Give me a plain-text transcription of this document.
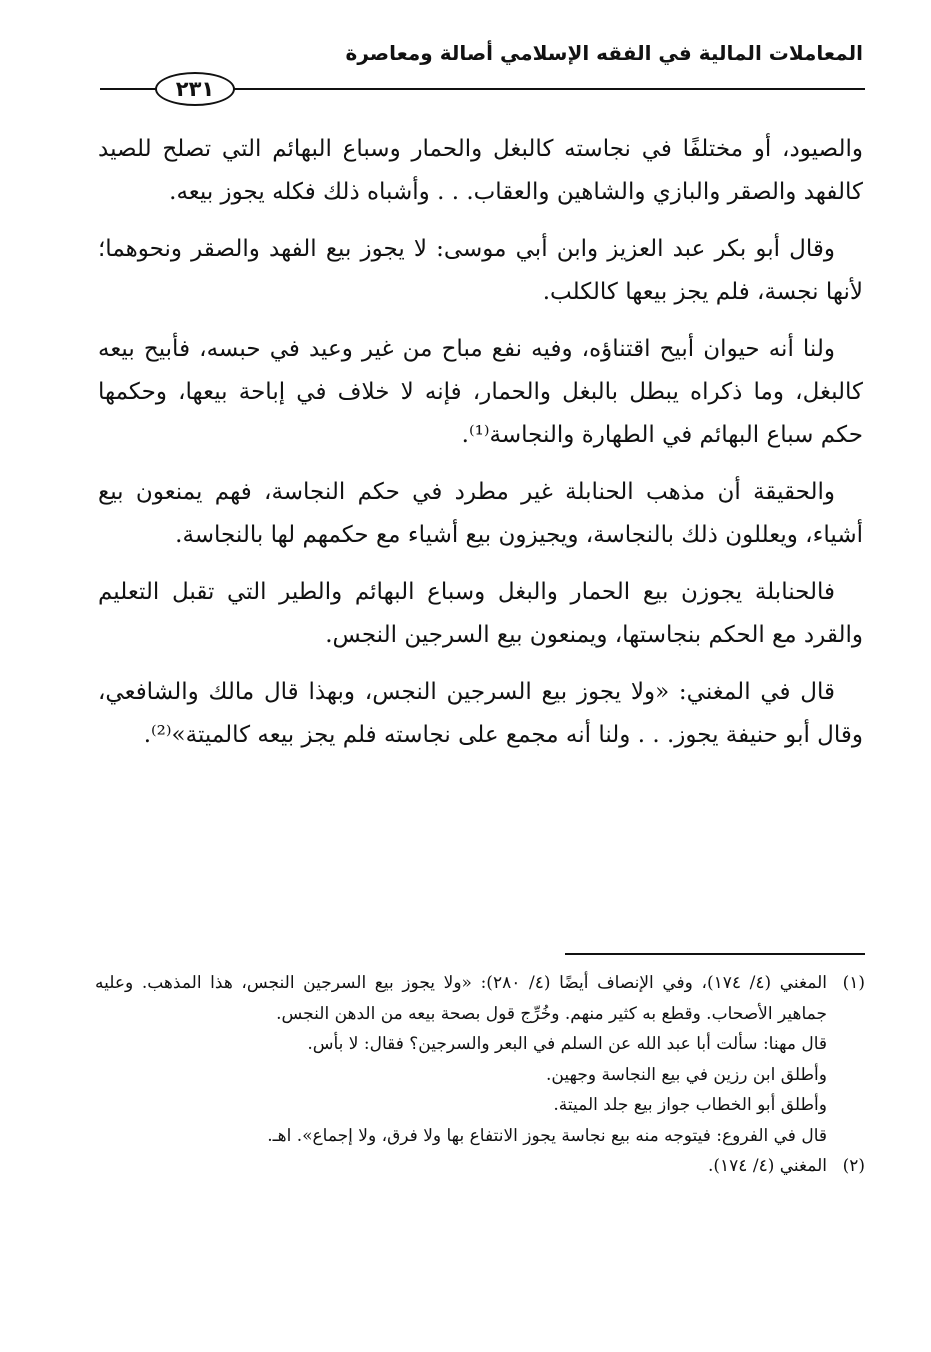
المعاملات المالية في الفقه الإسلامي أصالة ومعاصرة
٢٣١

والصيود، أو مختلفًا في نجاسته كالبغل والحمار وسباع البهائم التي تصلح للصيد كالفهد والصقر والبازي والشاهين والعقاب. . . وأشباه ذلك فكله يجوز بيعه.

وقال أبو بكر عبد العزيز وابن أبي موسى: لا يجوز بيع الفهد والصقر ونحوهما؛ لأنها نجسة، فلم يجز بيعها كالكلب.

ولنا أنه حيوان أبيح اقتناؤه، وفيه نفع مباح من غير وعيد في حبسه، فأبيح بيعه كالبغل، وما ذكراه يبطل بالبغل والحمار، فإنه لا خلاف في إباحة بيعها، وحكمها حكم سباع البهائم في الطهارة والنجاسة⁽¹⁾.

والحقيقة أن مذهب الحنابلة غير مطرد في حكم النجاسة، فهم يمنعون بيع أشياء، ويعللون ذلك بالنجاسة، ويجيزون بيع أشياء مع حكمهم لها بالنجاسة.

فالحنابلة يجوزن بيع الحمار والبغل وسباع البهائم والطير التي تقبل التعليم والقرد مع الحكم بنجاستها، ويمنعون بيع السرجين النجس.

قال في المغني: «ولا يجوز بيع السرجين النجس، وبهذا قال مالك والشافعي، وقال أبو حنيفة يجوز. . . ولنا أنه مجمع على نجاسته فلم يجز بيعه كالميتة»⁽²⁾.

(١)
المغني (٤/ ١٧٤)، وفي الإنصاف أيضًا (٤/ ٢٨٠): «ولا يجوز بيع السرجين النجس، هذا المذهب. وعليه جماهير الأصحاب. وقطع به كثير منهم. وخُرِّج قول بصحة بيعه من الدهن النجس.
قال مهنا: سألت أبا عبد الله عن السلم في البعر والسرجين؟ فقال: لا بأس.
وأطلق ابن رزين في بيع النجاسة وجهين.
وأطلق أبو الخطاب جواز بيع جلد الميتة.
قال في الفروع: فيتوجه منه بيع نجاسة يجوز الانتفاع بها ولا فرق، ولا إجماع». اهـ.
(٢)
المغني (٤/ ١٧٤).
